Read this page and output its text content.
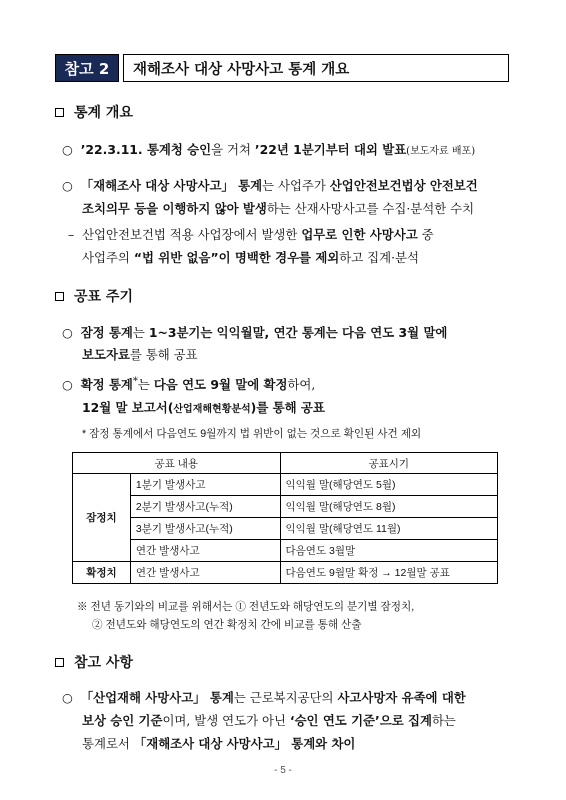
참고 2	재해조사 대상 사망사고 통계 개요
통계 개요
○  ’22.3.11. 통계청 승인을 거쳐 ’22년 1분기부터 대외 발표(보도자료 배포)
○  「재해조사 대상 사망사고」 통계는 사업주가 산업안전보건법상 안전보건
조치의무 등을 이행하지 않아 발생하는 산재사망사고를 수집·분석한 수치
–  산업안전보건법 적용 사업장에서 발생한 업무로 인한 사망사고 중
사업주의 “법 위반 없음”이 명백한 경우를 제외하고 집계·분석
공표 주기
○  잠정 통계는 1~3분기는 익익월말, 연간 통계는 다음 연도 3월 말에
보도자료를 통해 공표
○  확정 통계*는 다음 연도 9월 말에 확정하여,
12월 말 보고서(산업재해현황분석)를 통해 공표
* 잠정 통계에서 다음연도 9월까지 법 위반이 없는 것으로 확인된 사건 제외
공표 내용		공표시기
잠정치	1분기 발생사고	익익월 말(해당연도 5월)
	2분기 발생사고(누적)	익익월 말(해당연도 8월)
	3분기 발생사고(누적)	익익월 말(해당연도 11월)
	연간 발생사고	다음연도 3월말
확정치	연간 발생사고	다음연도 9월말 확정 → 12월말 공표
※ 전년 동기와의 비교를 위해서는 ① 전년도와 해당연도의 분기별 잠정치,
② 전년도와 해당연도의 연간 확정치 간에 비교를 통해 산출
참고 사항
○  「산업재해 사망사고」 통계는 근로복지공단의 사고사망자 유족에 대한
보상 승인 기준이며, 발생 연도가 아닌 ‘승인 연도 기준’으로 집계하는
통계로서 「재해조사 대상 사망사고」 통계와 차이
- 5 -
